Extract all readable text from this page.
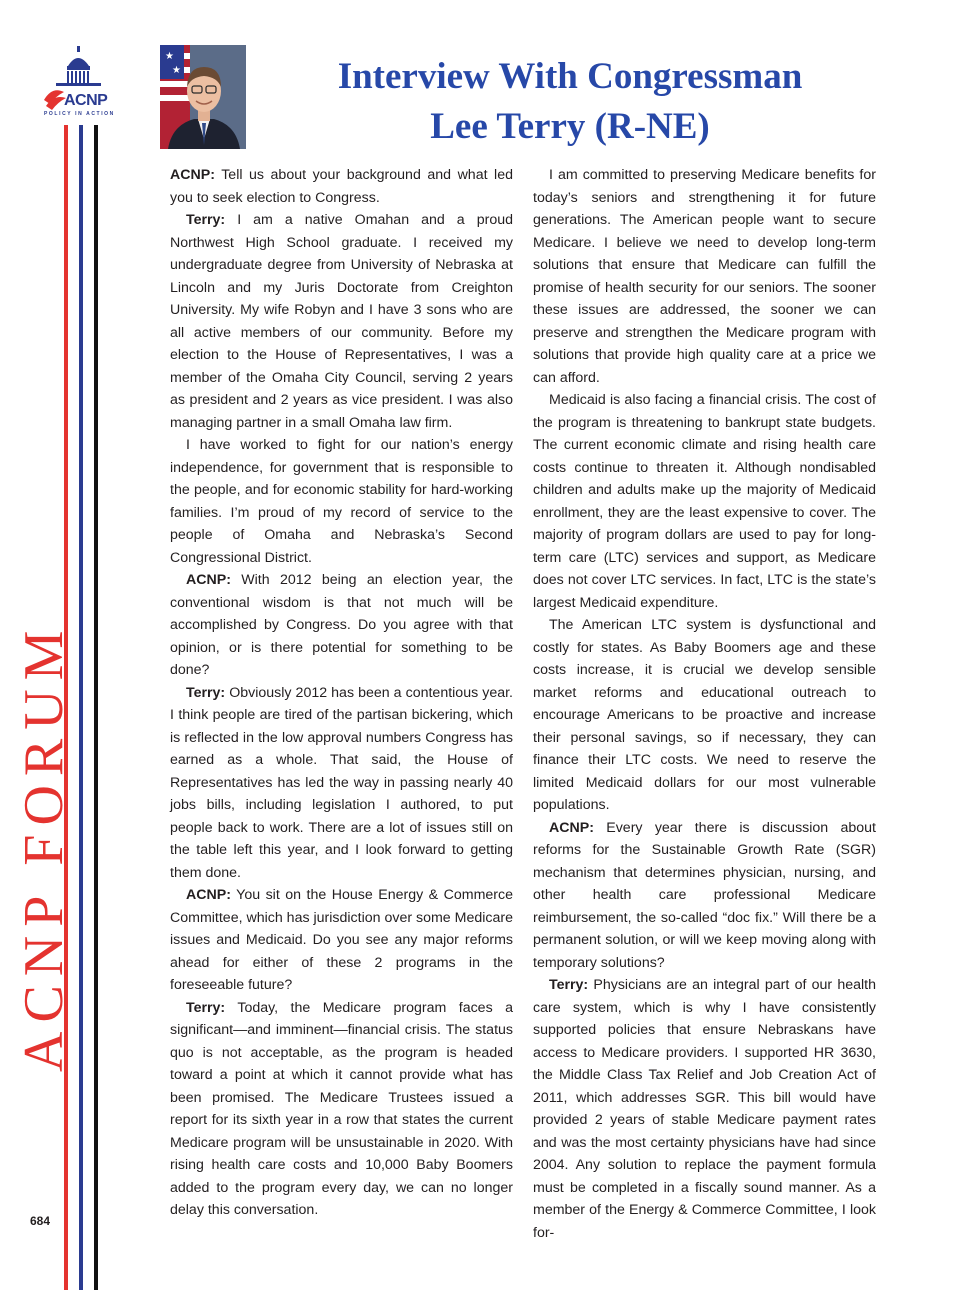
ACNP
POLICY IN ACTION
ACNP FORUM
684
★
★	Interview With Congressman
Lee Terry (R-NE)

ACNP: Tell us about your background and what led you to seek election to Congress.

Terry: I am a native Omahan and a proud Northwest High School graduate. I received my undergraduate degree from University of Nebraska at Lincoln and my Juris Doctorate from Creighton University. My wife Robyn and I have 3 sons who are all active members of our community. Before my election to the House of Representatives, I was a member of the Omaha City Council, serving 2 years as president and 2 years as vice president. I was also managing partner in a small Omaha law firm.

I have worked to fight for our nation’s energy independence, for government that is responsible to the people, and for economic stability for hard-working families. I’m proud of my record of service to the people of Omaha and Nebraska’s Second Congressional District.

ACNP: With 2012 being an election year, the conventional wisdom is that not much will be accomplished by Congress. Do you agree with that opinion, or is there potential for something to be done?

Terry: Obviously 2012 has been a contentious year. I think people are tired of the partisan bickering, which is reflected in the low approval numbers Congress has earned as a whole. That said, the House of Representatives has led the way in passing nearly 40 jobs bills, including legislation I authored, to put people back to work. There are a lot of issues still on the table left this year, and I look forward to getting them done.

ACNP: You sit on the House Energy & Commerce Committee, which has jurisdiction over some Medicare issues and Medicaid. Do you see any major reforms ahead for either of these 2 programs in the foreseeable future?

Terry: Today, the Medicare program faces a significant—and imminent—financial crisis. The status quo is not acceptable, as the program is headed toward a point at which it cannot provide what has been promised. The Medicare Trustees issued a report for its sixth year in a row that states the current Medicare program will be unsustainable in 2020. With rising health care costs and 10,000 Baby Boomers added to the program every day, we can no longer delay this conversation.

I am committed to preserving Medicare benefits for today’s seniors and strengthening it for future generations. The American people want to secure Medicare. I believe we need to develop long-term solutions that ensure that Medicare can fulfill the promise of health security for our seniors. The sooner these issues are addressed, the sooner we can preserve and strengthen the Medicare program with solutions that provide high quality care at a price we can afford.

Medicaid is also facing a financial crisis. The cost of the program is threatening to bankrupt state budgets. The current economic climate and rising health care costs continue to threaten it. Although nondisabled children and adults make up the majority of Medicaid enrollment, they are the least expensive to cover. The majority of program dollars are used to pay for long-term care (LTC) services and support, as Medicare does not cover LTC services. In fact, LTC is the state’s largest Medicaid expenditure.

The American LTC system is dysfunctional and costly for states. As Baby Boomers age and these costs increase, it is crucial we develop sensible market reforms and educational outreach to encourage Americans to be proactive and increase their personal savings, so if necessary, they can finance their LTC costs. We need to reserve the limited Medicaid dollars for our most vulnerable populations.

ACNP: Every year there is discussion about reforms for the Sustainable Growth Rate (SGR) mechanism that determines physician, nursing, and other health care professional Medicare reimbursement, the so-called “doc fix.” Will there be a permanent solution, or will we keep moving along with temporary solutions?

Terry: Physicians are an integral part of our health care system, which is why I have consistently supported policies that ensure Nebraskans have access to Medicare providers. I supported HR 3630, the Middle Class Tax Relief and Job Creation Act of 2011, which addresses SGR. This bill would have provided 2 years of stable Medicare payment rates and was the most certainty physicians have had since 2004. Any solution to replace the payment formula must be completed in a fiscally sound manner. As a member of the Energy & Commerce Committee, I look for-
